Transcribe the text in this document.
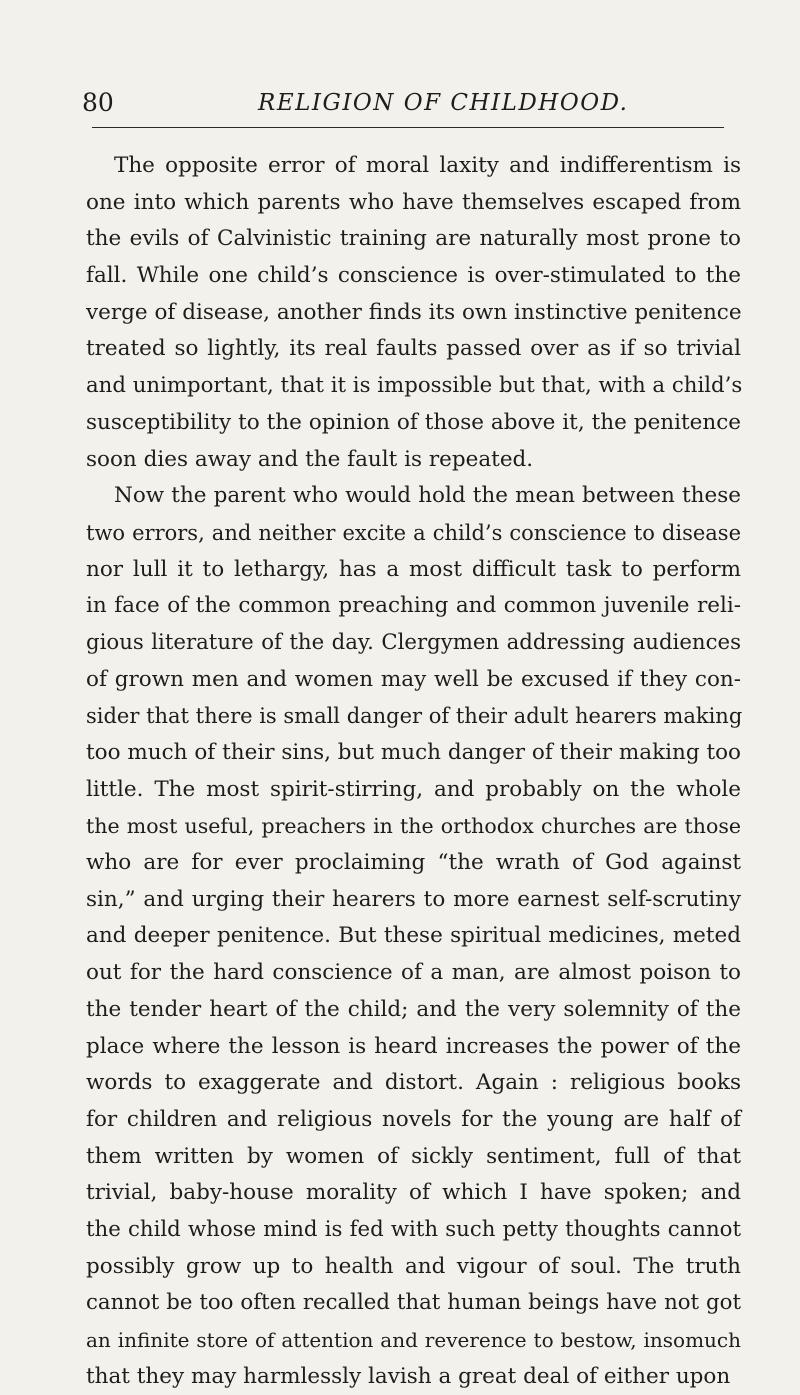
80	RELIGION OF CHILDHOOD.
The opposite error of moral laxity and indifferentism is
one into which parents who have themselves escaped from
the evils of Calvinistic training are naturally most prone to
fall. While one child’s conscience is over-stimulated to the
verge of disease, another finds its own instinctive penitence
treated so lightly, its real faults passed over as if so trivial
and unimportant, that it is impossible but that, with a child’s
susceptibility to the opinion of those above it, the penitence
soon dies away and the fault is repeated.
Now the parent who would hold the mean between these
two errors, and neither excite a child’s conscience to disease
nor lull it to lethargy, has a most difficult task to perform
in face of the common preaching and common juvenile reli-
gious literature of the day. Clergymen addressing audiences
of grown men and women may well be excused if they con-
sider that there is small danger of their adult hearers making
too much of their sins, but much danger of their making too
little. The most spirit-stirring, and probably on the whole
the most useful, preachers in the orthodox churches are those
who are for ever proclaiming “the wrath of God against
sin,” and urging their hearers to more earnest self-scrutiny
and deeper penitence. But these spiritual medicines, meted
out for the hard conscience of a man, are almost poison to
the tender heart of the child; and the very solemnity of the
place where the lesson is heard increases the power of the
words to exaggerate and distort. Again : religious books
for children and religious novels for the young are half of
them written by women of sickly sentiment, full of that
trivial, baby-house morality of which I have spoken; and
the child whose mind is fed with such petty thoughts cannot
possibly grow up to health and vigour of soul. The truth
cannot be too often recalled that human beings have not got
an infinite store of attention and reverence to bestow, insomuch
that they may harmlessly lavish a great deal of either upon
